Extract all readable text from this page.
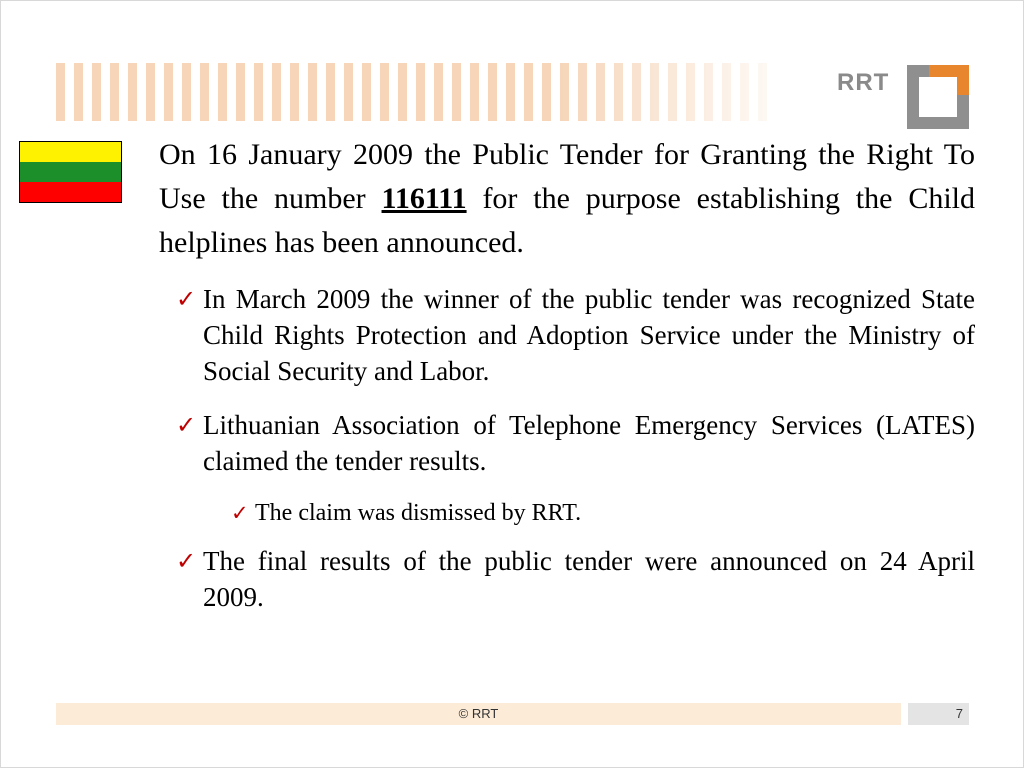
RRT

On 16 January 2009 the Public Tender for Granting the Right To Use the number 116111 for the purpose establishing the Child helplines has been announced.

✓ In March 2009 the winner of the public tender was recognized State Child Rights Protection and Adoption Service under the Ministry of Social Security and Labor.
✓ Lithuanian Association of Telephone Emergency Services (LATES) claimed the tender results.
✓ The claim was dismissed by RRT.
✓ The final results of the public tender were announced on 24 April 2009.
© RRT	7
